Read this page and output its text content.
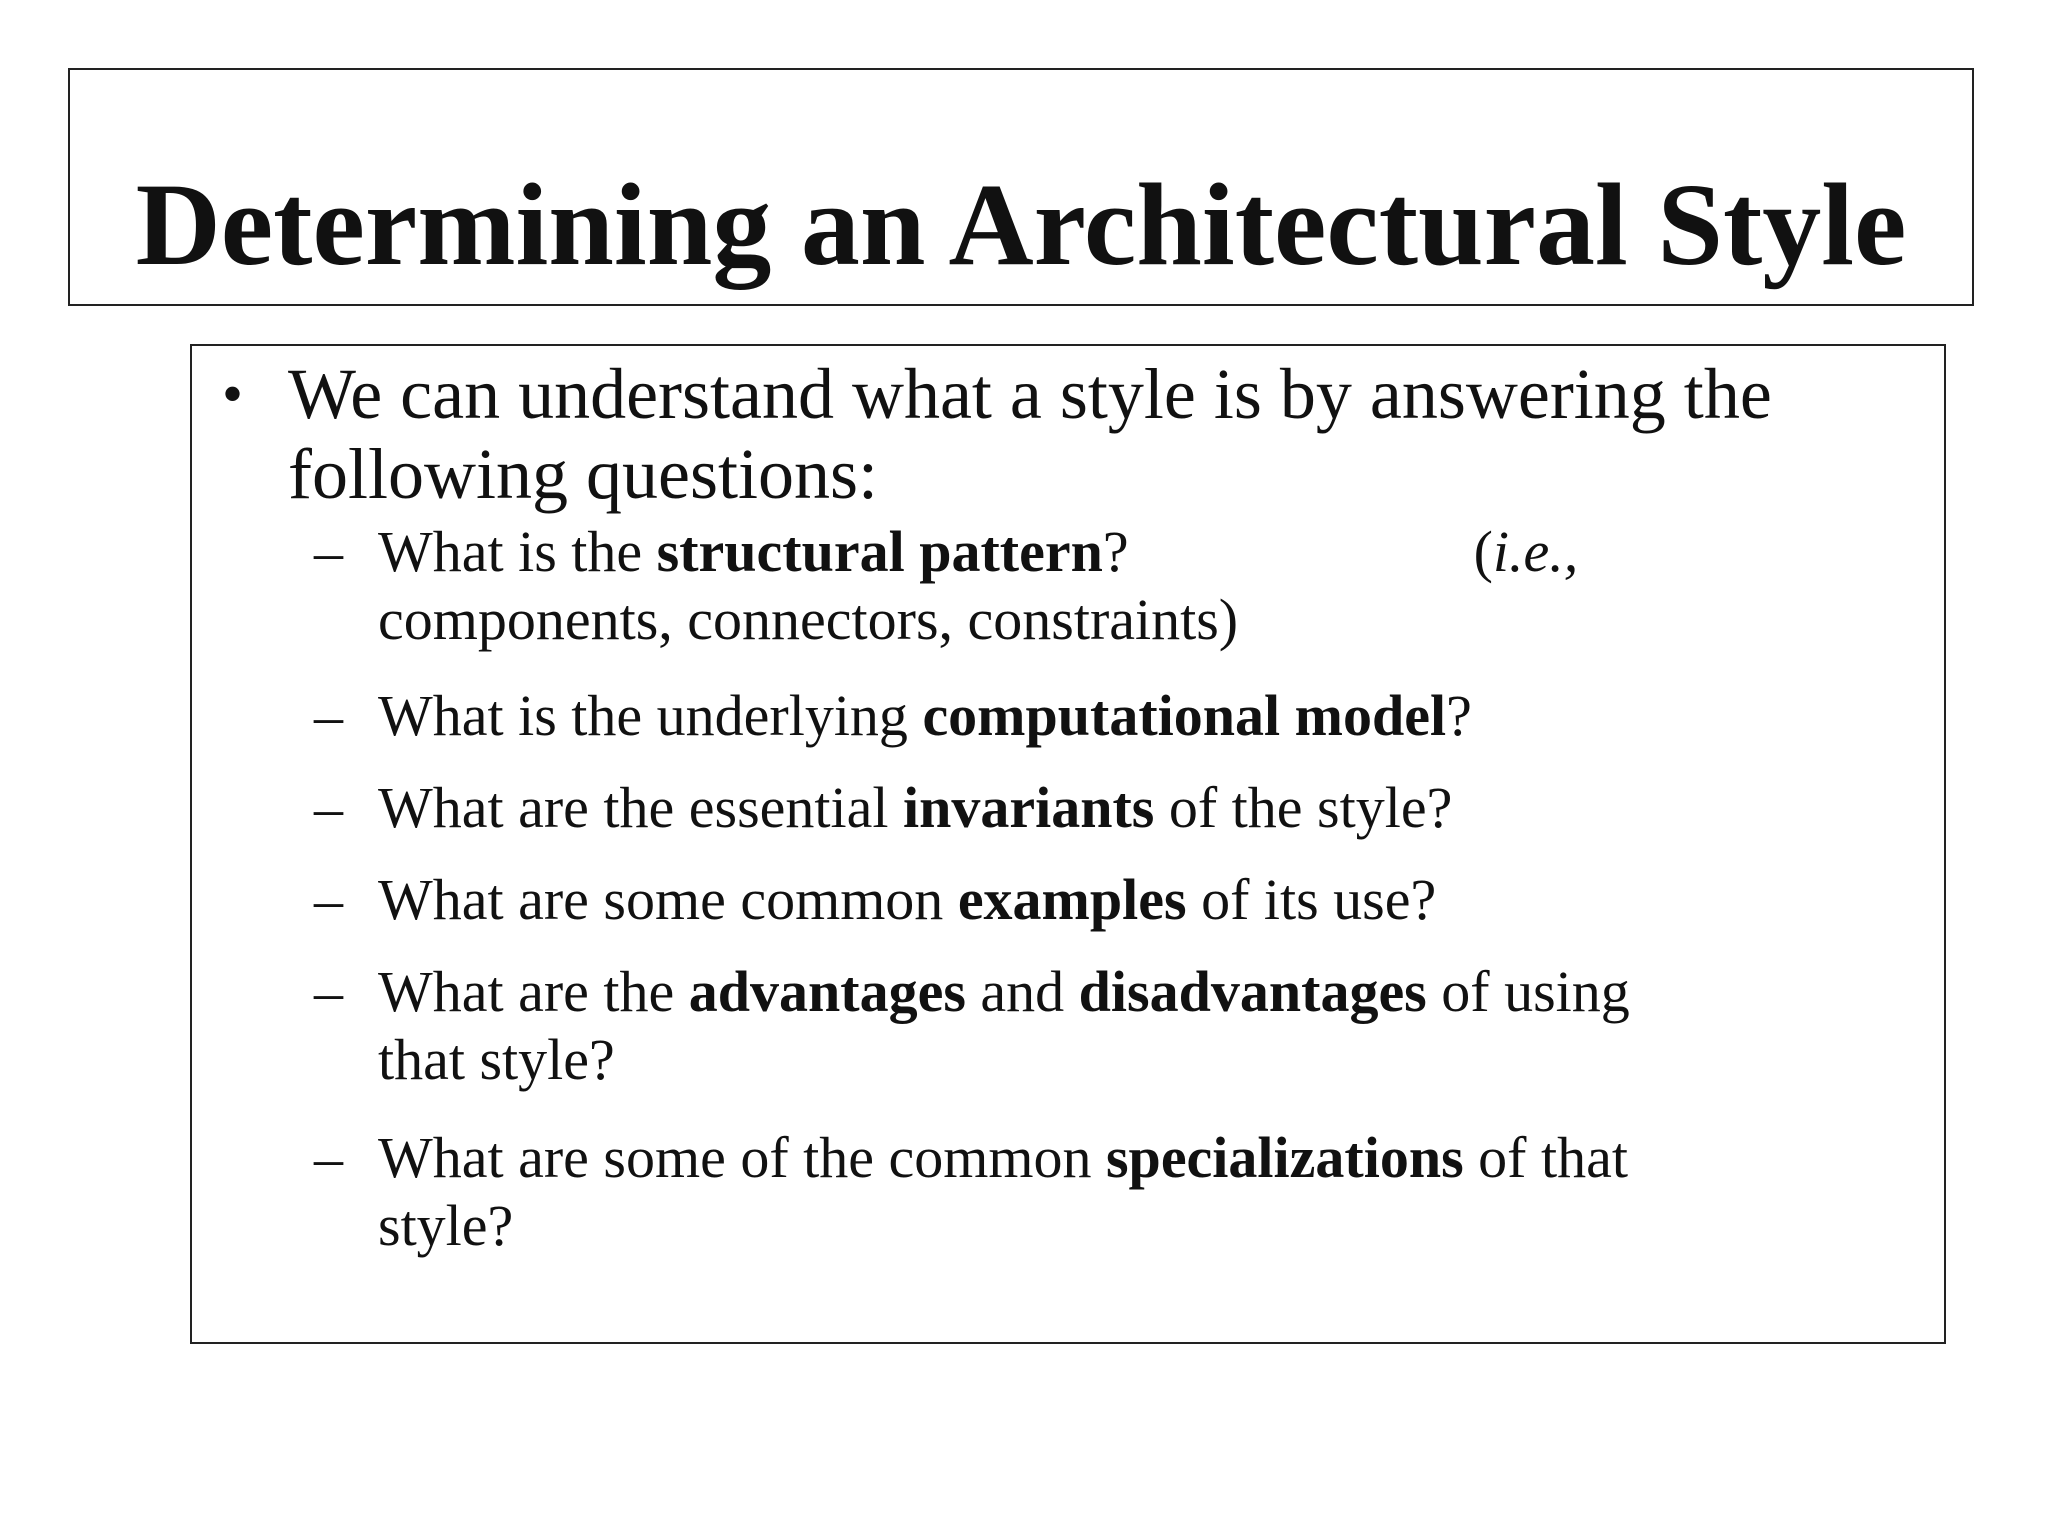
Determining an Architectural Style
• We can understand what a style is by answering the following questions:

– What is the structural pattern?	(i.e.,
components, connectors, constraints)

– What is the underlying computational model?

– What are the essential invariants of the style?

– What are some common examples of its use?

– What are the advantages and disadvantages of using
that style?

– What are some of the common specializations of that
style?
